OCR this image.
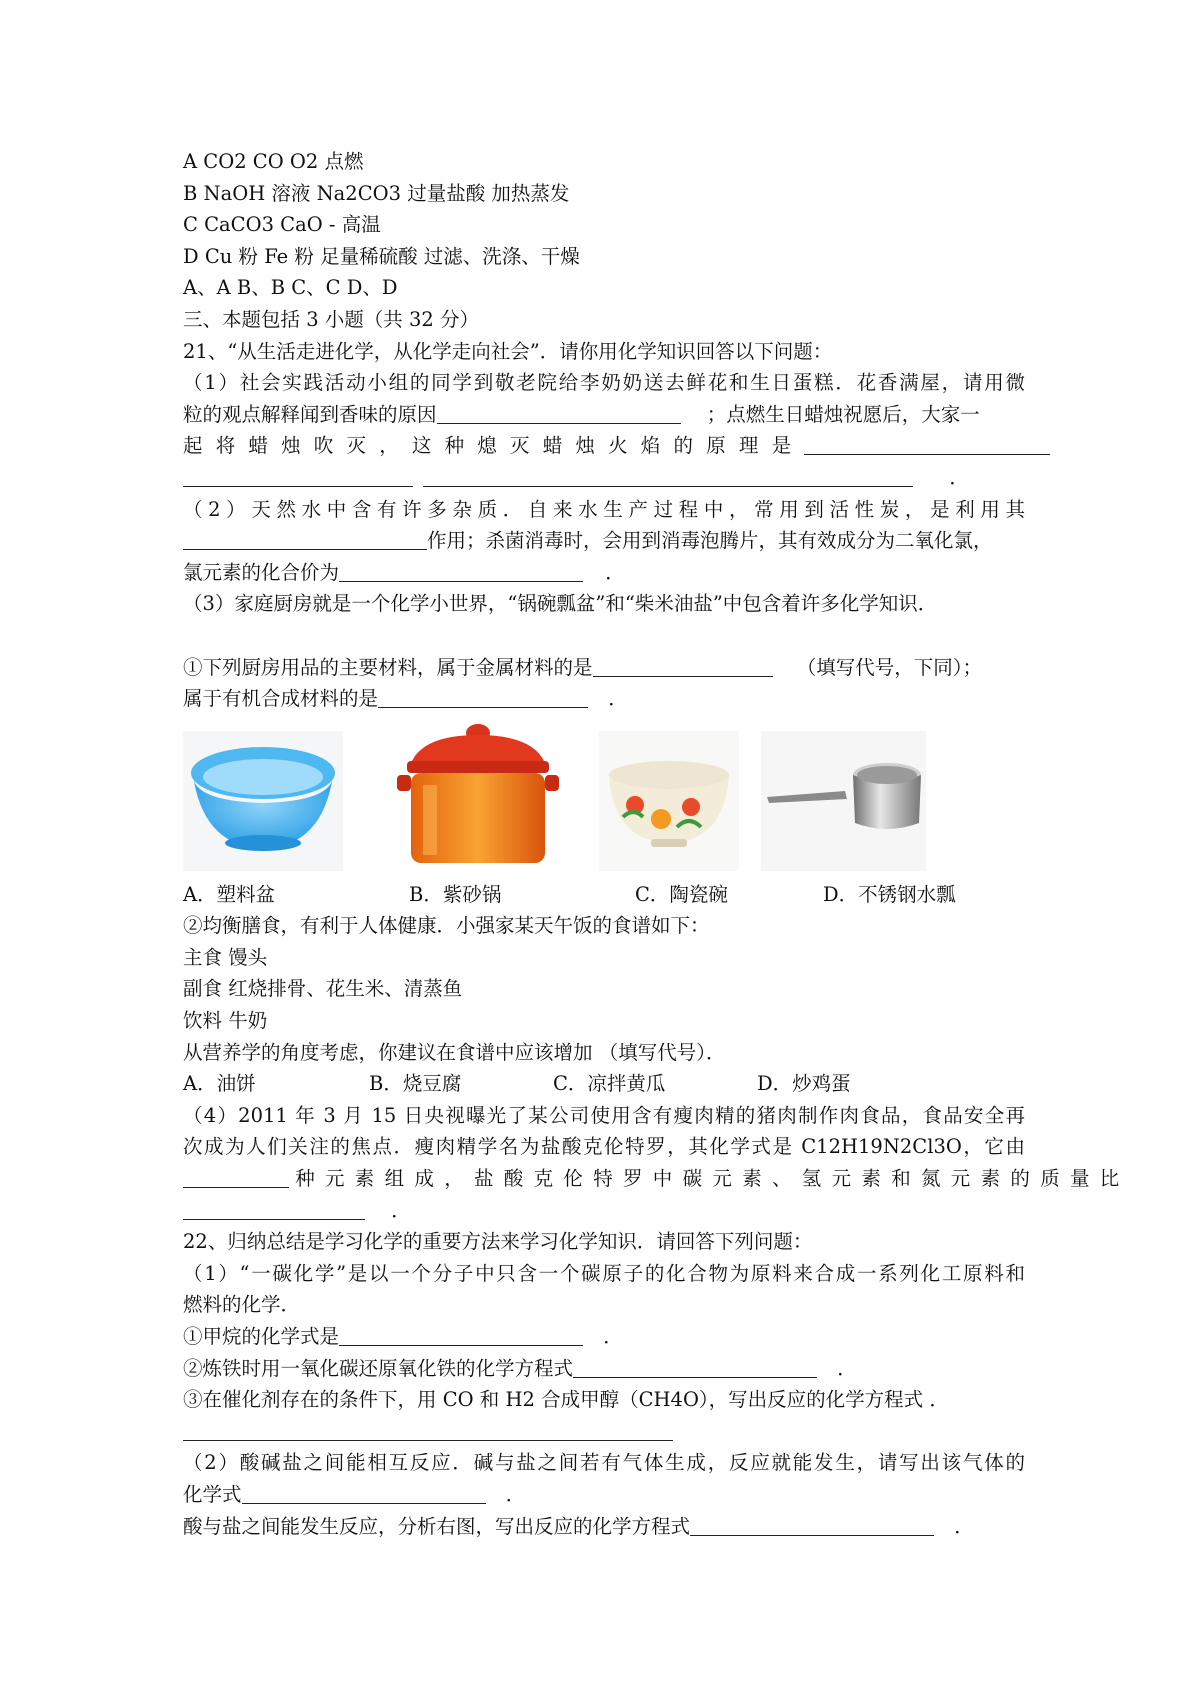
A CO2 CO O2 点燃
B NaOH 溶液 Na2CO3 过量盐酸 加热蒸发
C CaCO3 CaO - 高温
D Cu 粉 Fe 粉 足量稀硫酸 过滤、洗涤、干燥
A、A B、B C、C D、D
三、本题包括 3 小题（共 32 分）
21、“从生活走进化学，从化学走向社会”．请你用化学知识回答以下问题：
（1）社会实践活动小组的同学到敬老院给李奶奶送去鲜花和生日蛋糕．花香满屋，请用微
粒的观点解释闻到香味的原因	；点燃生日蜡烛祝愿后，大家一
起将蜡烛吹灭，这种熄灭蜡烛火焰的原理是
．
（2）天然水中含有许多杂质．自来水生产过程中，常用到活性炭，是利用其
作用；杀菌消毒时，会用到消毒泡腾片，其有效成分为二氧化氯，
氯元素的化合价为	．
（3）家庭厨房就是一个化学小世界，“锅碗瓢盆”和“柴米油盐”中包含着许多化学知识．
①下列厨房用品的主要材料，属于金属材料的是	（填写代号，下同）；
属于有机合成材料的是	．
A．塑料盆	B．紫砂锅	C．陶瓷碗	D．不锈钢水瓢
②均衡膳食，有利于人体健康．小强家某天午饭的食谱如下：
主食 馒头
副食 红烧排骨、花生米、清蒸鱼
饮料 牛奶
从营养学的角度考虑，你建议在食谱中应该增加 （填写代号）．
A．油饼	B．烧豆腐	C．凉拌黄瓜	D．炒鸡蛋
（4）2011 年 3 月 15 日央视曝光了某公司使用含有瘦肉精的猪肉制作肉食品，食品安全再
次成为人们关注的焦点．瘦肉精学名为盐酸克伦特罗，其化学式是 C12H19N2Cl3O，它由
种元素组成，盐酸克伦特罗中碳元素、氢元素和氮元素的质量比
．
22、归纳总结是学习化学的重要方法来学习化学知识．请回答下列问题：
（1）“一碳化学”是以一个分子中只含一个碳原子的化合物为原料来合成一系列化工原料和
燃料的化学．
①甲烷的化学式是	．
②炼铁时用一氧化碳还原氧化铁的化学方程式	．
③在催化剂存在的条件下，用 CO 和 H2 合成甲醇（CH4O），写出反应的化学方程式 ．
（2）酸碱盐之间能相互反应．碱与盐之间若有气体生成，反应就能发生，请写出该气体的
化学式	．
酸与盐之间能发生反应，分析右图，写出反应的化学方程式	．
